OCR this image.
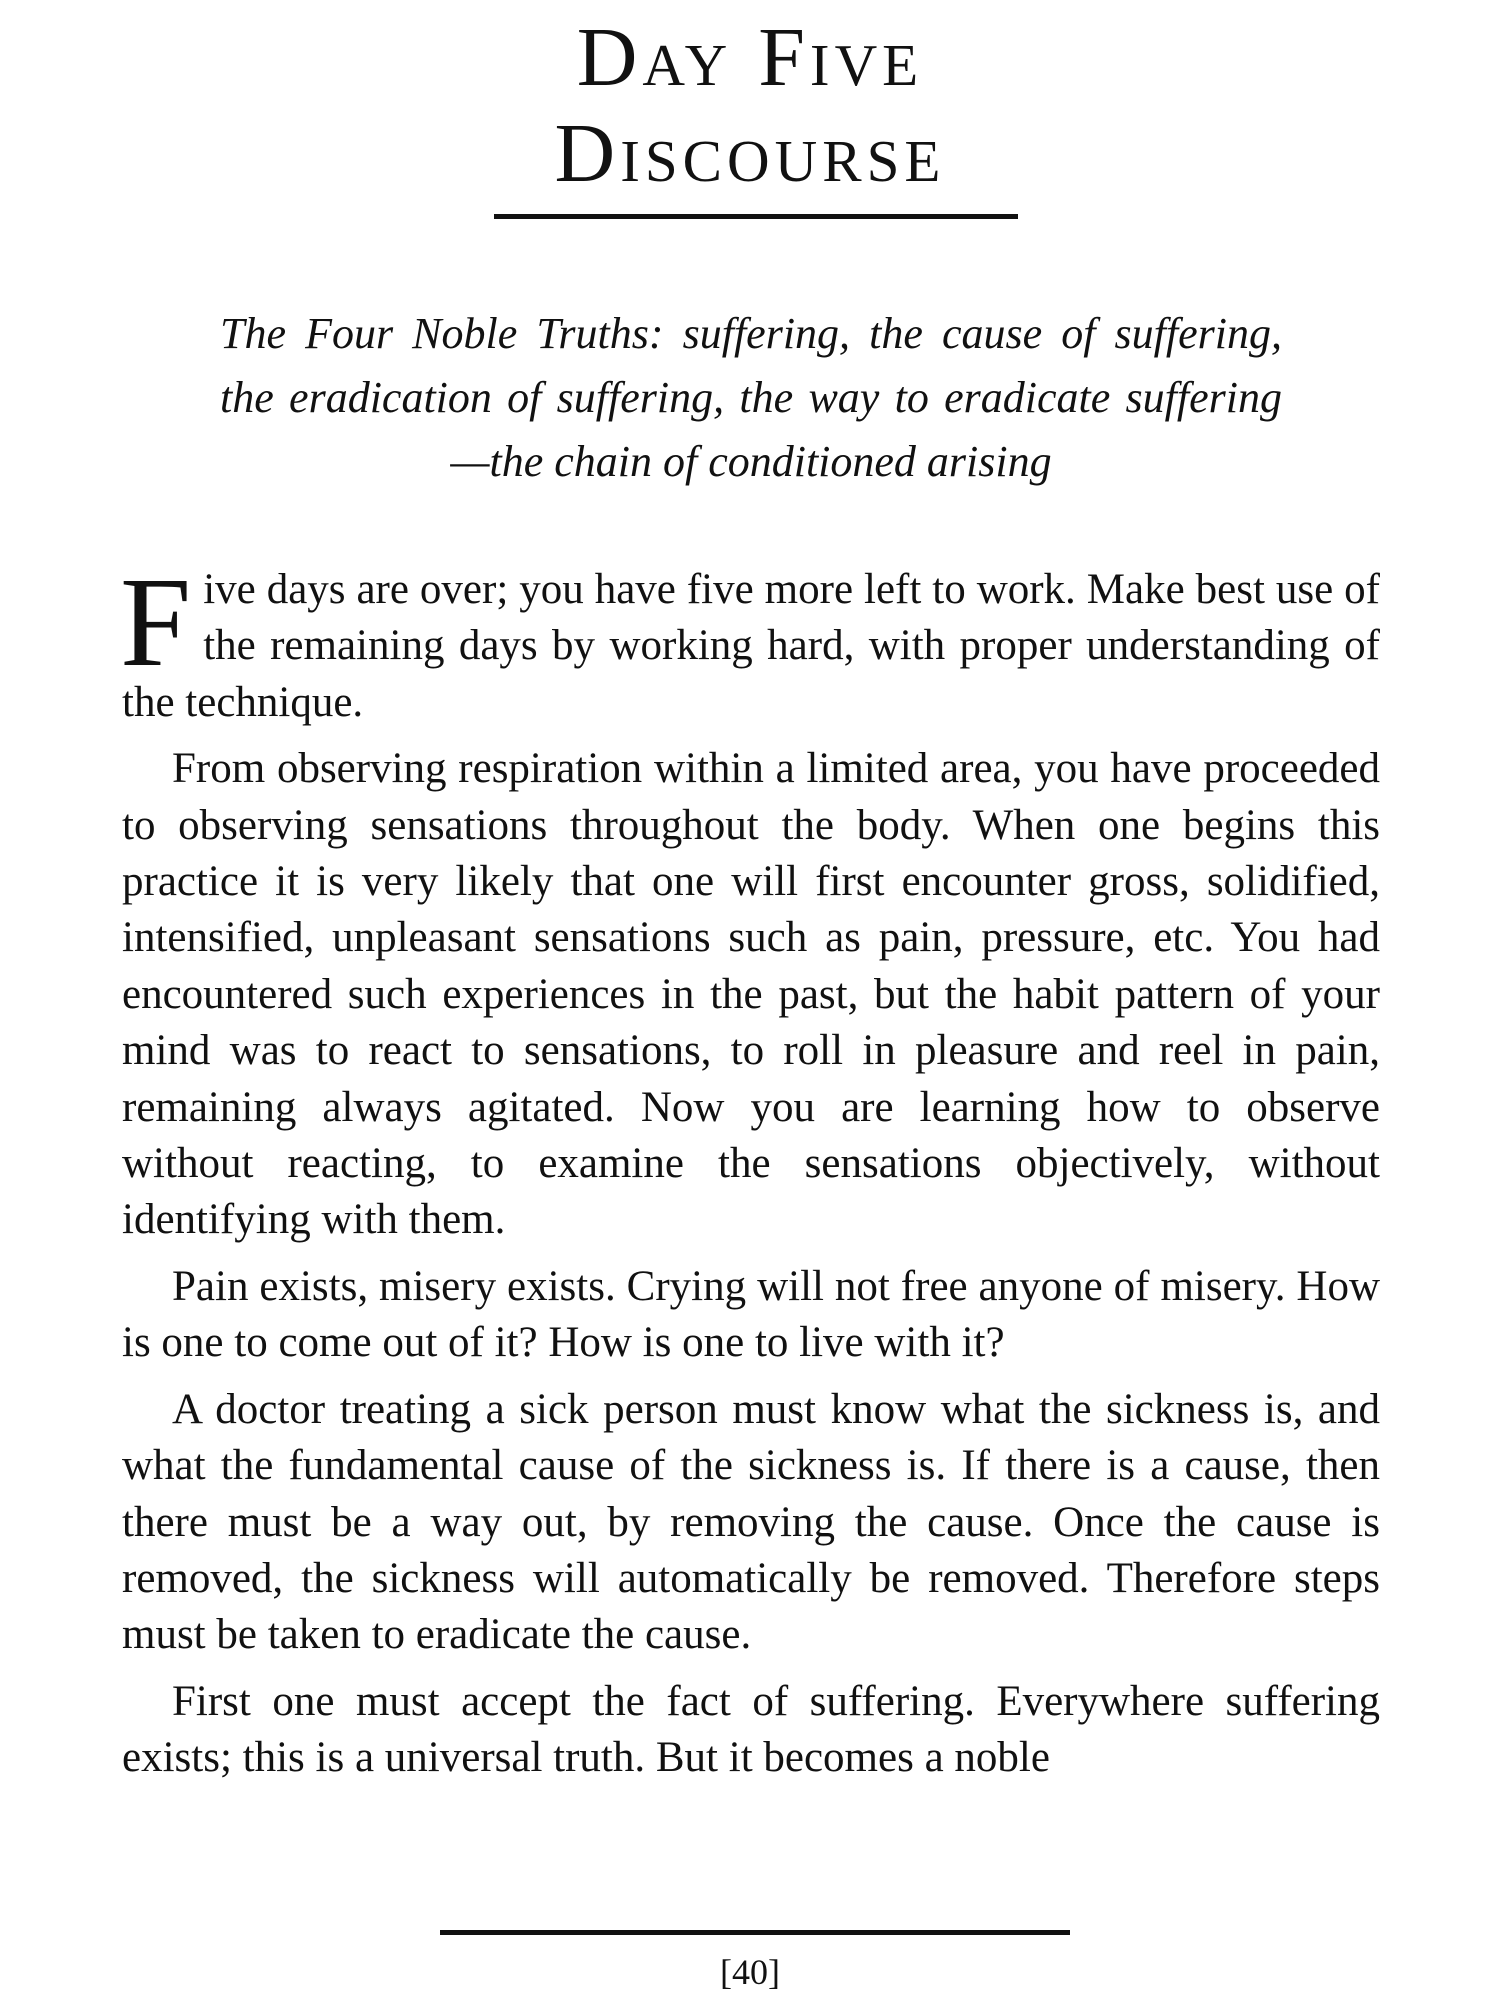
Day Five
Discourse

The Four Noble Truths: suffering, the cause of suffering, the eradication of suffering, the way to eradicate suffering—the chain of conditioned arising

Five days are over; you have five more left to work. Make best use of the remaining days by working hard, with proper understanding of the technique.

From observing respiration within a limited area, you have proceeded to observing sensations throughout the body. When one begins this practice it is very likely that one will first encounter gross, solidified, intensified, unpleasant sensations such as pain, pressure, etc. You had encountered such experiences in the past, but the habit pattern of your mind was to react to sensations, to roll in pleasure and reel in pain, remaining always agitated. Now you are learning how to observe without reacting, to examine the sensations objectively, without identifying with them.

Pain exists, misery exists. Crying will not free anyone of misery. How is one to come out of it? How is one to live with it?

A doctor treating a sick person must know what the sickness is, and what the fundamental cause of the sickness is. If there is a cause, then there must be a way out, by removing the cause. Once the cause is removed, the sickness will automatically be removed. Therefore steps must be taken to eradicate the cause.

First one must accept the fact of suffering. Everywhere suffering exists; this is a universal truth. But it becomes a noble

[40]
